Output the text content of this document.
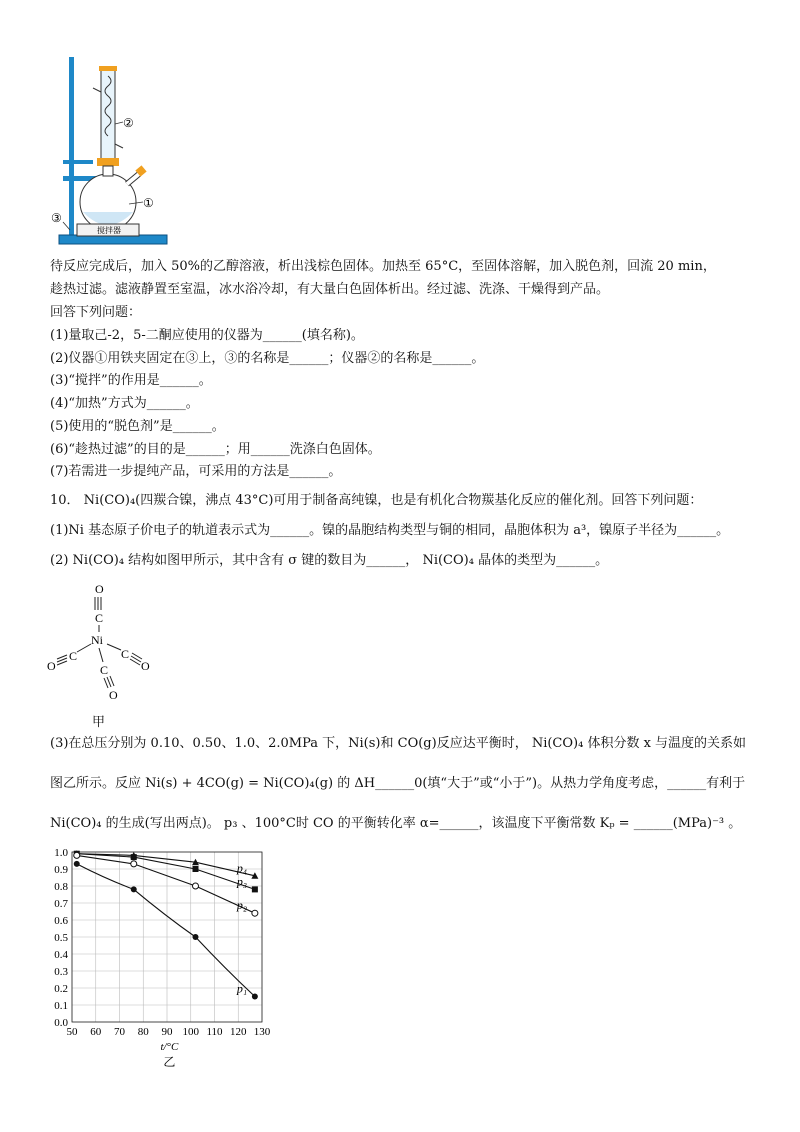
搅拌器
①
②
③
待反应完成后，加入 50%的乙醇溶液，析出浅棕色固体。加热至 65°C，至固体溶解，加入脱色剂，回流 20 min，
趁热过滤。滤液静置至室温，冰水浴冷却，有大量白色固体析出。经过滤、洗涤、干燥得到产品。
回答下列问题：
(1)量取己-2，5-二酮应使用的仪器为______(填名称)。
(2)仪器①用铁夹固定在③上，③的名称是______；仪器②的名称是______。
(3)“搅拌”的作用是______。
(4)“加热”方式为______。
(5)使用的“脱色剂”是______。
(6)“趁热过滤”的目的是______；用______洗涤白色固体。
(7)若需进一步提纯产品，可采用的方法是______。
10． Ni(CO)₄(四羰合镍，沸点 43°C)可用于制备高纯镍，也是有机化合物羰基化反应的催化剂。回答下列问题：
(1)Ni 基态原子价电子的轨道表示式为______。镍的晶胞结构类型与铜的相同，晶胞体积为 a³，镍原子半径为______。
(2) Ni(CO)₄ 结构如图甲所示，其中含有 σ 键的数目为______， Ni(CO)₄ 晶体的类型为______。
O
C
Ni
C
O
C
O
C
O
甲
(3)在总压分别为 0.10、0.50、1.0、2.0MPa 下，Ni(s)和 CO(g)反应达平衡时， Ni(CO)₄ 体积分数 x 与温度的关系如
图乙所示。反应 Ni(s) + 4CO(g) = Ni(CO)₄(g) 的 ΔH______0(填“大于”或“小于”)。从热力学角度考虑，______有利于
Ni(CO)₄ 的生成(写出两点)。 p₃ 、100°C时 CO 的平衡转化率 α=______，该温度下平衡常数 Kₚ = ______(MPa)⁻³ 。
50 60 70 80 90 100 110 120 130
0.0
0.1
0.2
0.3
0.4
0.5
0.6
0.7
0.8
0.9
1.0
t/°C
乙
p₄
p₃
p₂
p₁
